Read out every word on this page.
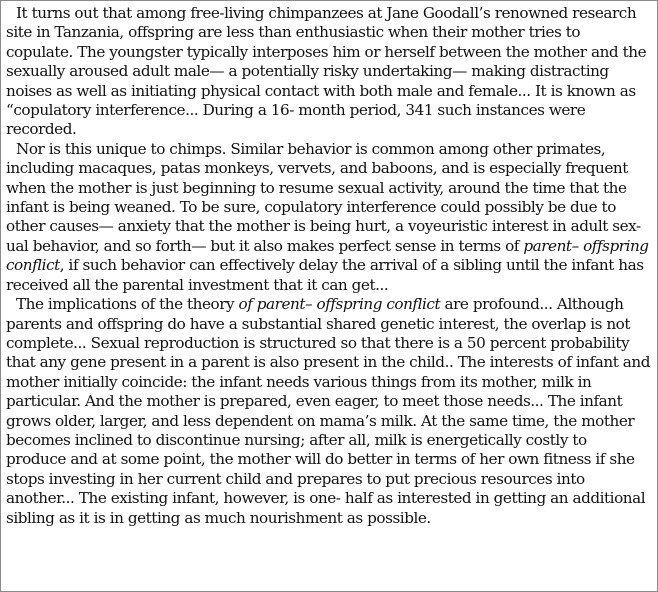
It turns out that among free-living chimpanzees at Jane Goodall’s renowned research site in Tanzania, offspring are less than enthusiastic when their mother tries to copulate. The youngster typically interposes him or herself between the mother and the sexually aroused adult male— a potentially risky undertaking— making distracting noises as well as initiating physical contact with both male and female... It is known as “copulatory interference... During a 16- month period, 341 such instances were recorded.

Nor is this unique to chimps. Similar behavior is common among other primates, including macaques, patas monkeys, vervets, and baboons, and is especially frequent when the mother is just beginning to resume sexual activity, around the time that the infant is being weaned. To be sure, copulatory interference could possibly be due to other causes— anxiety that the mother is being hurt, a voyeuristic interest in adult sex-ual behavior, and so forth— but it also makes perfect sense in terms of parent– offspring conflict, if such behavior can effectively delay the arrival of a sibling until the infant has received all the parental investment that it can get...

The implications of the theory of parent– offspring conflict are profound... Although parents and offspring do have a substantial shared genetic interest, the overlap is not complete... Sexual reproduction is structured so that there is a 50 percent probability that any gene present in a parent is also present in the child.. The interests of infant and mother initially coincide: the infant needs various things from its mother, milk in particular. And the mother is prepared, even eager, to meet those needs... The infant grows older, larger, and less dependent on mama’s milk. At the same time, the mother becomes inclined to discontinue nursing; after all, milk is energetically costly to produce and at some point, the mother will do better in terms of her own fitness if she stops investing in her current child and prepares to put precious resources into another... The existing infant, however, is one- half as interested in getting an additional sibling as it is in getting as much nourishment as possible.
